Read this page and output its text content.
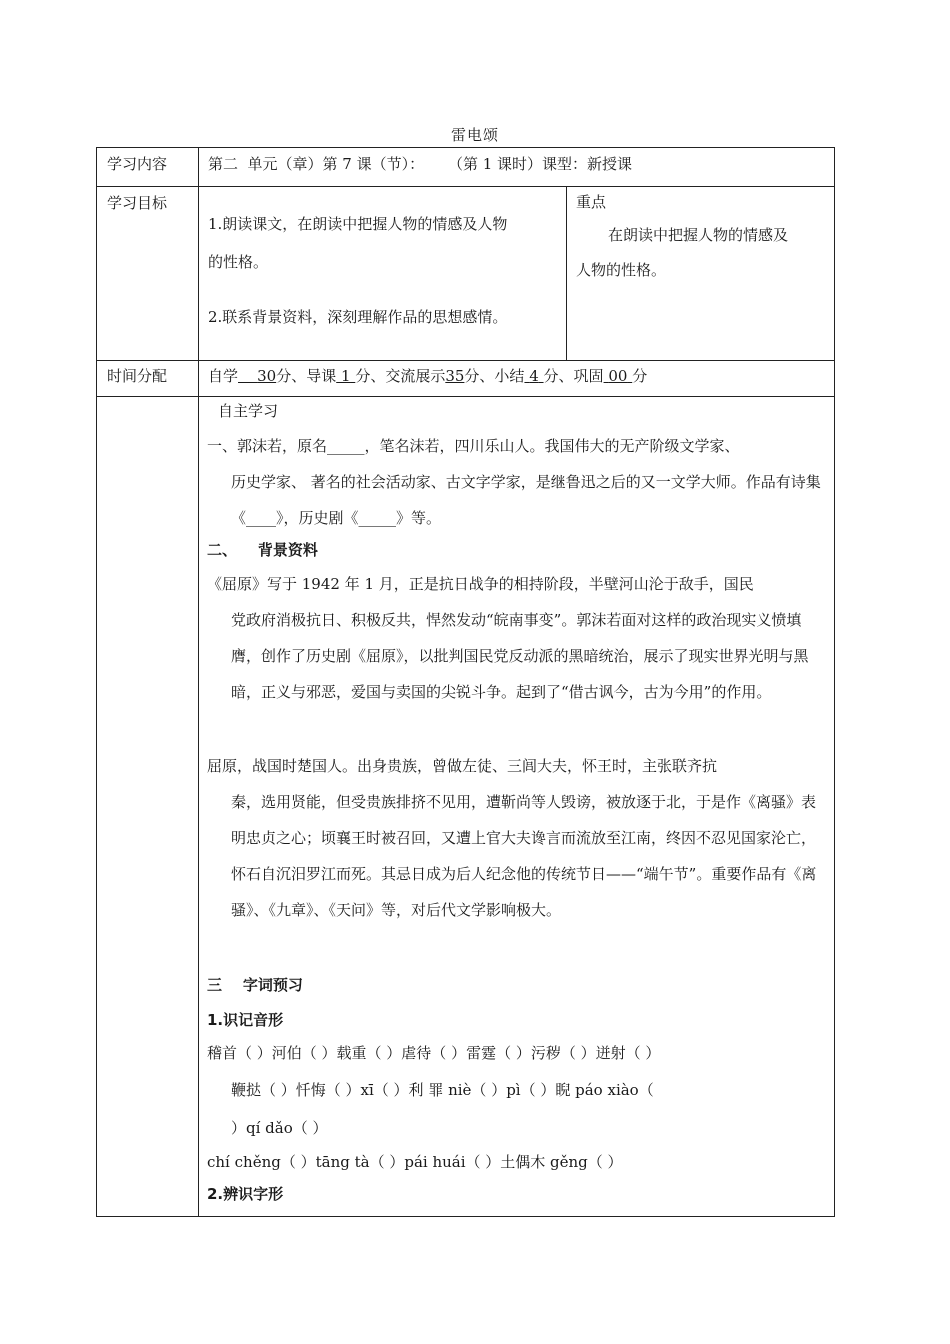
雷电颂
学习内容	第二  单元（章）第 7 课（节）：     （第 1 课时）课型：新授课
学习目标
1.朗读课文，在朗读中把握人物的情感及人物
的性格。
2.联系背景资料，深刻理解作品的思想感情。
重点
在朗读中把握人物的情感及
人物的性格。
时间分配	自学 30分、导课 1 分、交流展示35分、小结 4 分、巩固 00 分
自主学习
一、郭沫若，原名_____，笔名沫若，四川乐山人。我国伟大的无产阶级文学家、
历史学家、 著名的社会活动家、古文字学家，是继鲁迅之后的又一文学大师。作品有诗集《____》，历史剧《_____》等。
二、    背景资料
《屈原》写于 1942 年 1 月，正是抗日战争的相持阶段，半壁河山沦于敌手，国民
党政府消极抗日、积极反共，悍然发动“皖南事变”。郭沫若面对这样的政治现实义愤填膺，创作了历史剧《屈原》，以批判国民党反动派的黑暗统治，展示了现实世界光明与黑暗，正义与邪恶，爱国与卖国的尖锐斗争。起到了“借古讽今，古为今用”的作用。
屈原，战国时楚国人。出身贵族，曾做左徒、三闾大夫，怀王时，主张联齐抗
秦，选用贤能，但受贵族排挤不见用，遭靳尚等人毁谤，被放逐于北，于是作《离骚》表明忠贞之心；顷襄王时被召回，又遭上官大夫谗言而流放至江南，终因不忍见国家沦亡，怀石自沉汨罗江而死。其忌日成为后人纪念他的传统节日——“端午节”。重要作品有《离骚》、《九章》、《天问》等，对后代文学影响极大。
三    字词预习
1.识记音形
稽首（ ）河伯（ ）载重（ ）虐待（ ）雷霆（ ）污秽（ ）迸射（ ）
鞭挞（ ）忏悔（ ）xī（ ）利 罪 niè（ ）pì（ ）睨 páo xiào（
）qí dǎo（ ）
chí chěng（ ）tāng tà（ ）pái huái（ ）土偶木 gěng（ ）
2.辨识字形
